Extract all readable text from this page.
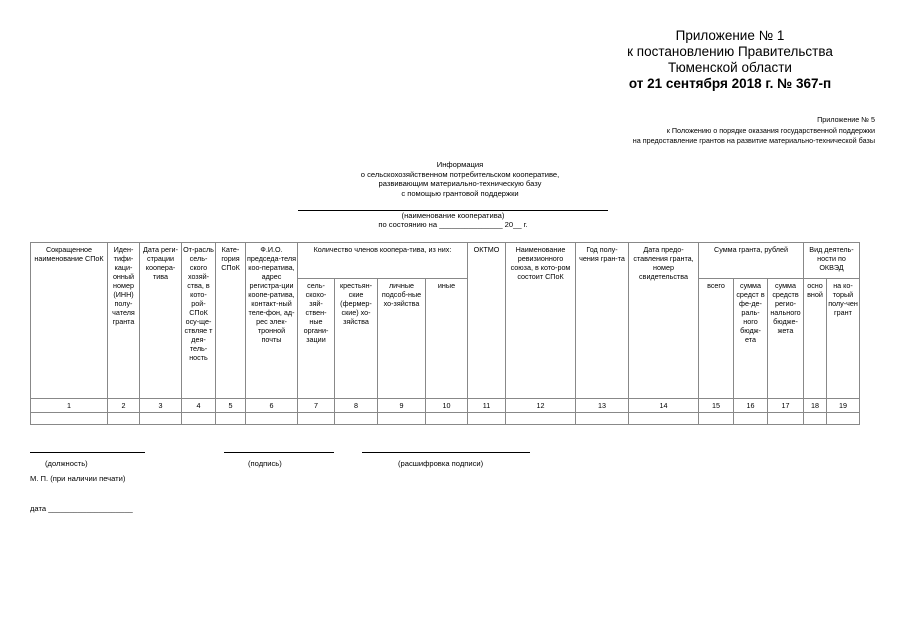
Приложение № 1
к постановлению Правительства
Тюменской области
от 21 сентября 2018 г. № 367-п
Приложение № 5
к Положению о порядке оказания государственной поддержки
на предоставление грантов на развитие материально-технической базы
Информация
о сельскохозяйственном потребительском кооперативе,
развивающим материально-техническую базу
с помощью грантовой поддержки
(наименование кооператива)
по состоянию на _______________ 20__ г.
Сокращенное наименование СПоК	Иден-тифи-каци-онный номер (ИНН) полу-чателя гранта	Дата реги-страции коопера-тива	От-расль сель-ского хозяй-ства, в кото-рой-СПоК осу-ще-ствляе т дея-тель-ность	Кате-гория СПоК	Ф.И.О. председа-теля коо-ператива, адрес регистра-ции коопе-ратива, контакт-ный теле-фон, ад-рес элек-тронной почты	Количество членов коопера-тива, из них:				ОКТМО	Наименование ревизионного союза, в кото-ром состоит СПоК	Год полу-чения гран-та	Дата предо-ставления гранта, номер свидетельства	Сумма гранта, рублей			Вид деятель-ности по ОКВЭД	
						сель-скохо-зяй-ствен-ные органи-зации	крестьян-ские (фермер-ские) хо-зяйства	личные подсоб-ные хо-зяйства	иные					всего	сумма средст в фе-де-раль-ного бюдж-ета	сумма средств регио-нального бюдже-жета	осно вной	на ко-торый полу-чен грант
1	2	3	4	5	6	7	8	9	10	11	12	13	14	15	16	17	18	19

(должность)	(подпись)	(расшифровка подписи)
М. П. (при наличии печати)
дата ____________________
